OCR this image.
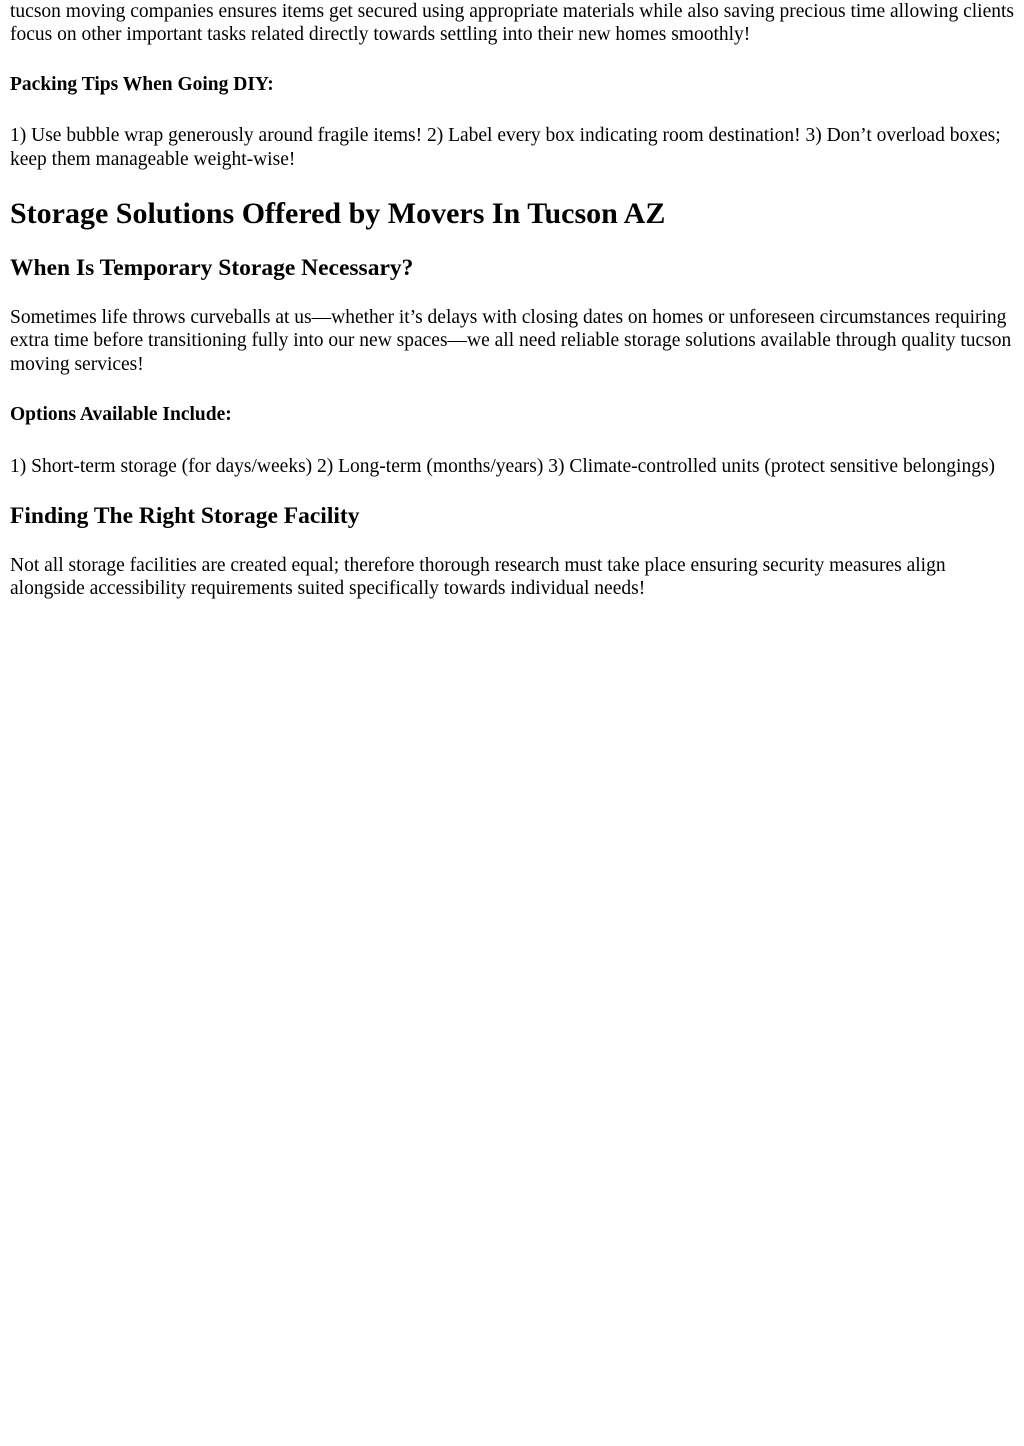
tucson moving companies ensures items get secured using appropriate materials while also saving precious time allowing clients focus on other important tasks related directly towards settling into their new homes smoothly!

Packing Tips When Going DIY:

1) Use bubble wrap generously around fragile items! 2) Label every box indicating room destination! 3) Don’t overload boxes; keep them manageable weight-wise!

Storage Solutions Offered by Movers In Tucson AZ
When Is Temporary Storage Necessary?

Sometimes life throws curveballs at us—whether it’s delays with closing dates on homes or unforeseen circumstances requiring extra time before transitioning fully into our new spaces—we all need reliable storage solutions available through quality tucson moving services!

Options Available Include:

1) Short-term storage (for days/weeks) 2) Long-term (months/years) 3) Climate-controlled units (protect sensitive belongings)

Finding The Right Storage Facility

Not all storage facilities are created equal; therefore thorough research must take place ensuring security measures align alongside accessibility requirements suited specifically towards individual needs!
